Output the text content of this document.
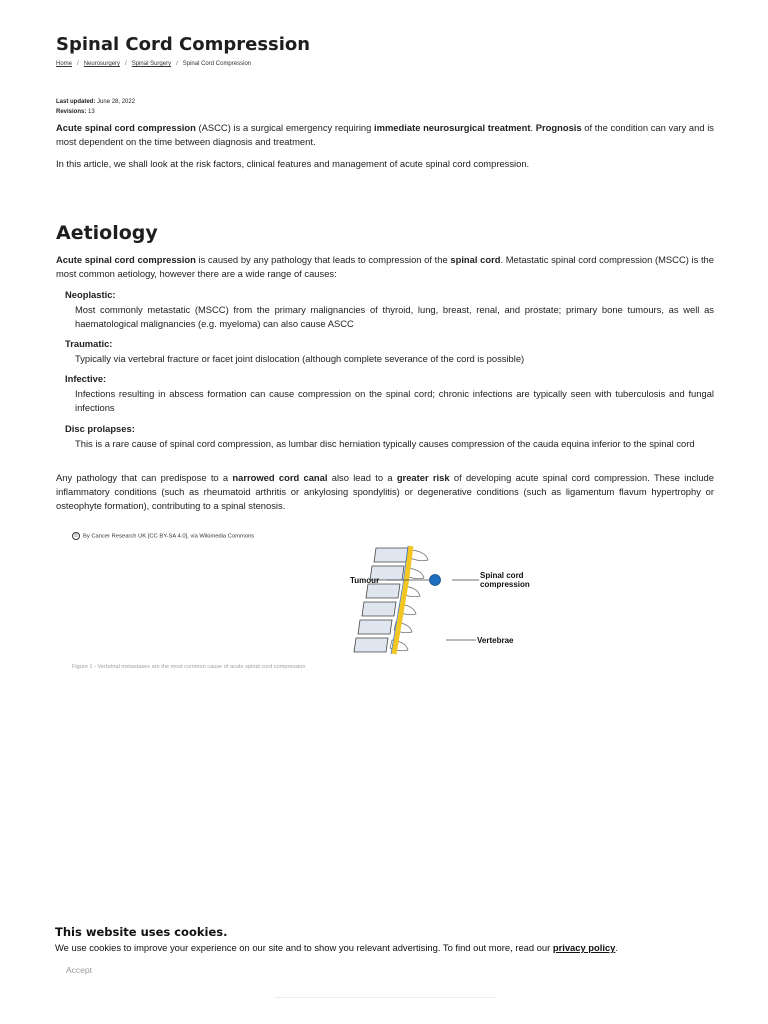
Spinal Cord Compression
Home / Neurosurgery / Spinal Surgery / Spinal Cord Compression
Last updated: June 28, 2022
Revisions: 13

Acute spinal cord compression (ASCC) is a surgical emergency requiring immediate neurosurgical treatment. Prognosis of the condition can vary and is most dependent on the time between diagnosis and treatment.

In this article, we shall look at the risk factors, clinical features and management of acute spinal cord compression.

Aetiology

Acute spinal cord compression is caused by any pathology that leads to compression of the spinal cord. Metastatic spinal cord compression (MSCC) is the most common aetiology, however there are a wide range of causes:

Neoplastic:

Most commonly metastatic (MSCC) from the primary malignancies of thyroid, lung, breast, renal, and prostate; primary bone tumours, as well as haematological malignancies (e.g. myeloma) can also cause ASCC

Traumatic:

Typically via vertebral fracture or facet joint dislocation (although complete severance of the cord is possible)

Infective:

Infections resulting in abscess formation can cause compression on the spinal cord; chronic infections are typically seen with tuberculosis and fungal infections

Disc prolapses:

This is a rare cause of spinal cord compression, as lumbar disc herniation typically causes compression of the cauda equina inferior to the spinal cord

Any pathology that can predispose to a narrowed cord canal also lead to a greater risk of developing acute spinal cord compression. These include inflammatory conditions (such as rheumatoid arthritis or ankylosing spondylitis) or degenerative conditions (such as ligamentum flavum hypertrophy or osteophyte formation), contributing to a spinal stenosis.

© By Cancer Research UK [CC BY-SA 4.0], via Wikimedia Commons
Tumour
Spinal cord
compression
Vertebrae
Figure 1 - Vertebral metastases are the most common cause of acute spinal cord compression
This website uses cookies.
We use cookies to improve your experience on our site and to show you relevant advertising. To find out more, read our privacy policy.
Accept
